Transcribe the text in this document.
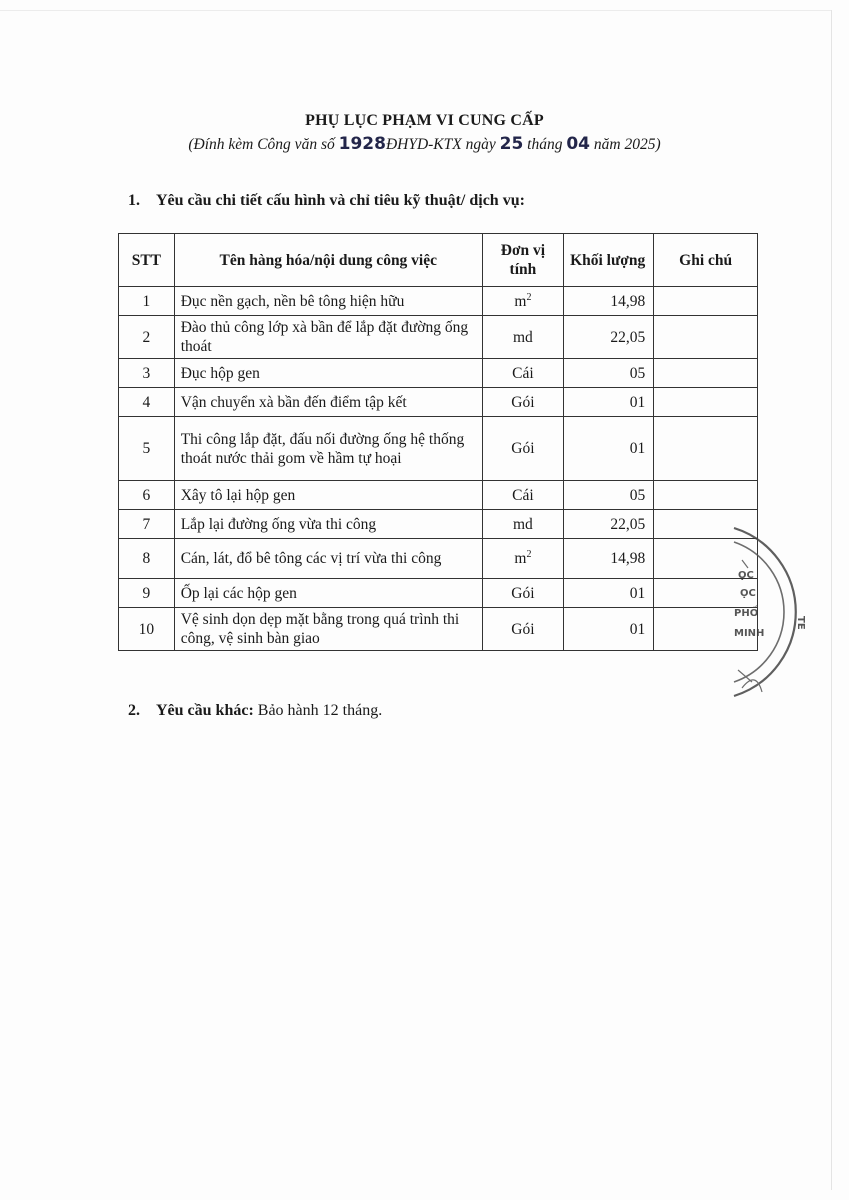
PHỤ LỤC PHẠM VI CUNG CẤP
(Đính kèm Công văn số 1928ĐHYD-KTX ngày 25 tháng 04 năm 2025)
1. Yêu cầu chi tiết cấu hình và chỉ tiêu kỹ thuật/ dịch vụ:
STT	Tên hàng hóa/nội dung công việc	Đơn vị tính	Khối lượng	Ghi chú
1	Đục nền gạch, nền bê tông hiện hữu	$m^2$	14,98	
2	Đào thủ công lớp xà bần để lắp đặt đường ống thoát	md	22,05	
3	Đục hộp gen	Cái	05	
4	Vận chuyển xà bần đến điểm tập kết	Gói	01	
5	Thi công lắp đặt, đấu nối đường ống hệ thống thoát nước thải gom về hầm tự hoại	Gói	01	
6	Xây tô lại hộp gen	Cái	05	
7	Lắp lại đường ống vừa thi công	md	22,05	
8	Cán, lát, đổ bê tông các vị trí vừa thi công	$m^2$	14,98	
9	Ốp lại các hộp gen	Gói	01	
10	Vệ sinh dọn dẹp mặt bằng trong quá trình thi công, vệ sinh bàn giao	Gói	01	
2. Yêu cầu khác: Bảo hành 12 tháng.
ỌC
ỌC
PHỐ
MINH
TE
